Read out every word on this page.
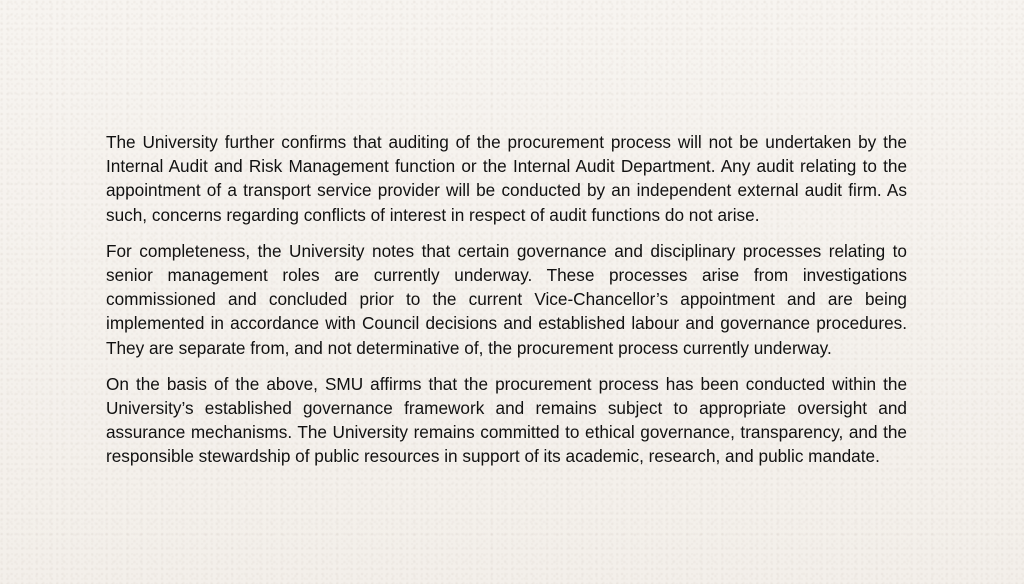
The University further confirms that auditing of the procurement process will not be undertaken by the Internal Audit and Risk Management function or the Internal Audit Department. Any audit relating to the appointment of a transport service provider will be conducted by an independent external audit firm. As such, concerns regarding conflicts of interest in respect of audit functions do not arise.

For completeness, the University notes that certain governance and disciplinary processes relating to senior management roles are currently underway. These processes arise from investigations commissioned and concluded prior to the current Vice-Chancellor’s appointment and are being implemented in accordance with Council decisions and established labour and governance procedures. They are separate from, and not determinative of, the procurement process currently underway.

On the basis of the above, SMU affirms that the procurement process has been conducted within the University’s established governance framework and remains subject to appropriate oversight and assurance mechanisms. The University remains committed to ethical governance, transparency, and the responsible stewardship of public resources in support of its academic, research, and public mandate.
